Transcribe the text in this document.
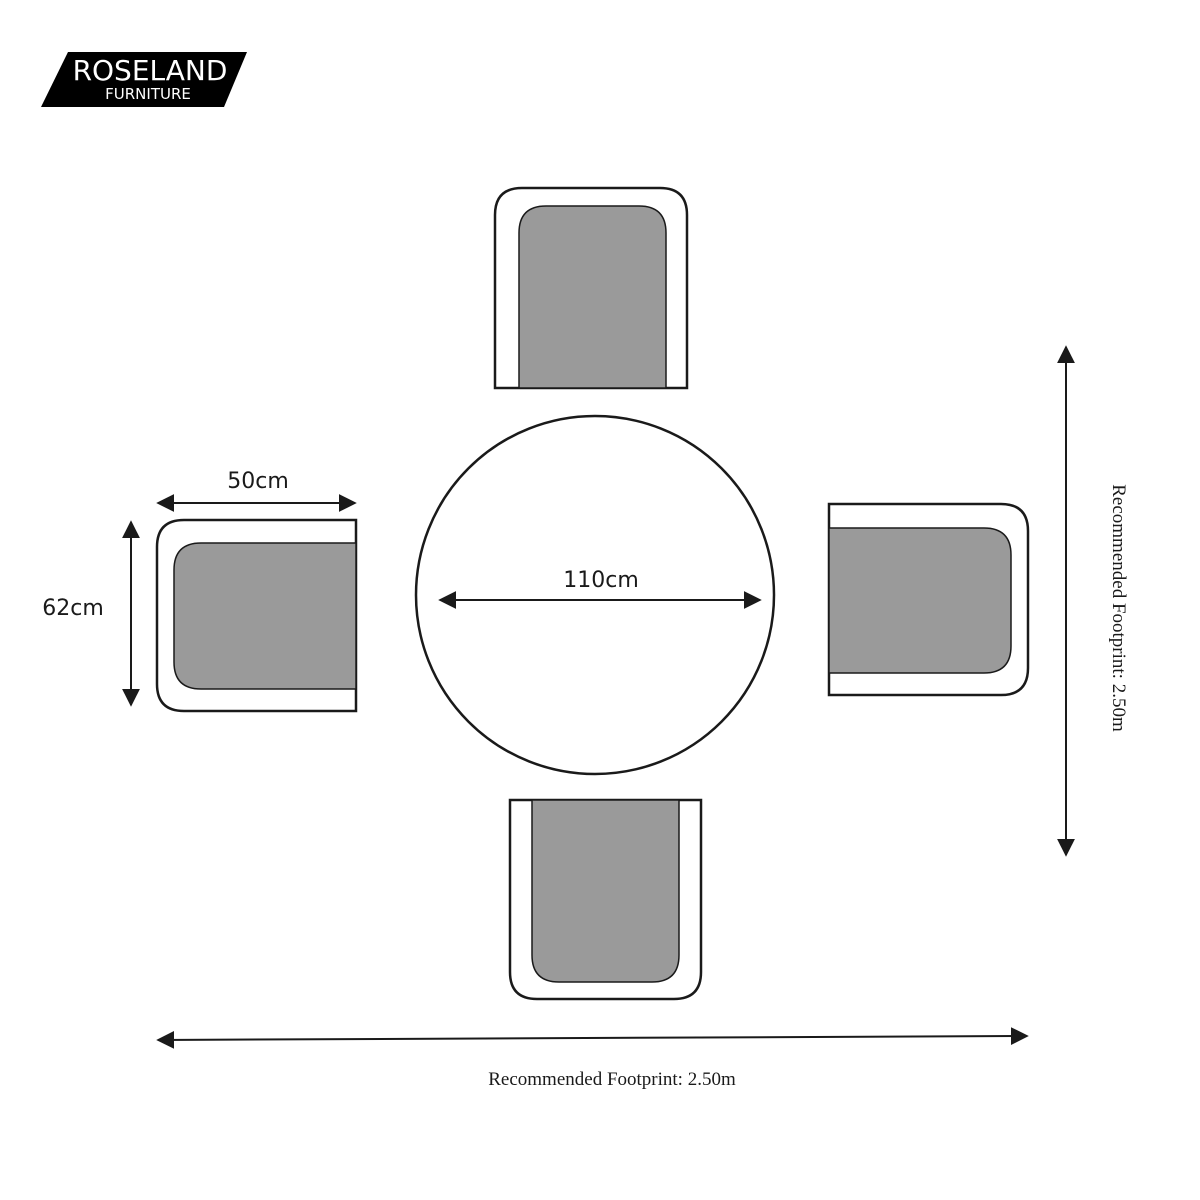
ROSELAND
FURNITURE
110cm
50cm
62cm
Recommended Footprint: 2.50m
Recommended Footprint: 2.50m
